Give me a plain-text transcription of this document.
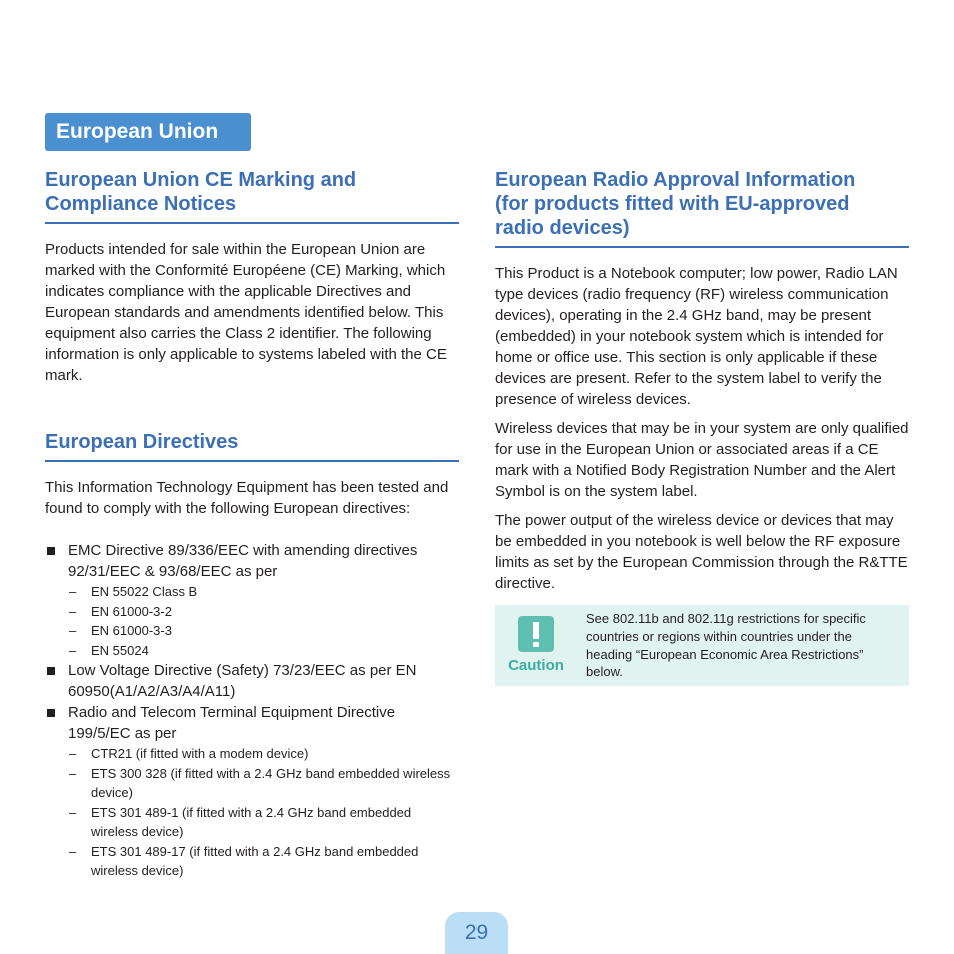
European Union
European Union CE Marking and
Compliance Notices

Products intended for sale within the European Union are marked with the Conformité Européene (CE) Marking, which indicates compliance with the applicable Directives and European standards and amendments identified below. This equipment also carries the Class 2 identifier. The following information is only applicable to systems labeled with the CE mark.

European Directives

This Information Technology Equipment has been tested and found to comply with the following European directives:

EMC Directive 89/336/EEC with amending directives 92/31/EEC & 93/68/EEC as per
– EN 55022 Class B
– EN 61000-3-2
– EN 61000-3-3
– EN 55024
Low Voltage Directive (Safety) 73/23/EEC as per EN 60950(A1/A2/A3/A4/A11)
Radio and Telecom Terminal Equipment Directive 199/5/EC as per
– CTR21 (if fitted with a modem device)
– ETS 300 328 (if fitted with a 2.4 GHz band embedded wireless device)
– ETS 301 489-1 (if fitted with a 2.4 GHz band embedded wireless device)
– ETS 301 489-17 (if fitted with a 2.4 GHz band embedded wireless device)
European Radio Approval Information
(for products fitted with EU-approved
radio devices)

This Product is a Notebook computer; low power, Radio LAN type devices (radio frequency (RF) wireless communication devices), operating in the 2.4 GHz band, may be present (embedded) in your notebook system which is intended for home or office use. This section is only applicable if these devices are present. Refer to the system label to verify the presence of wireless devices.

Wireless devices that may be in your system are only qualified for use in the European Union or associated areas if a CE mark with a Notified Body Registration Number and the Alert Symbol is on the system label.

The power output of the wireless device or devices that may be embedded in you notebook is well below the RF exposure limits as set by the European Commission through the R&TTE directive.

Caution
See 802.11b and 802.11g restrictions for specific countries or regions within countries under the heading “European Economic Area Restrictions” below.
29
